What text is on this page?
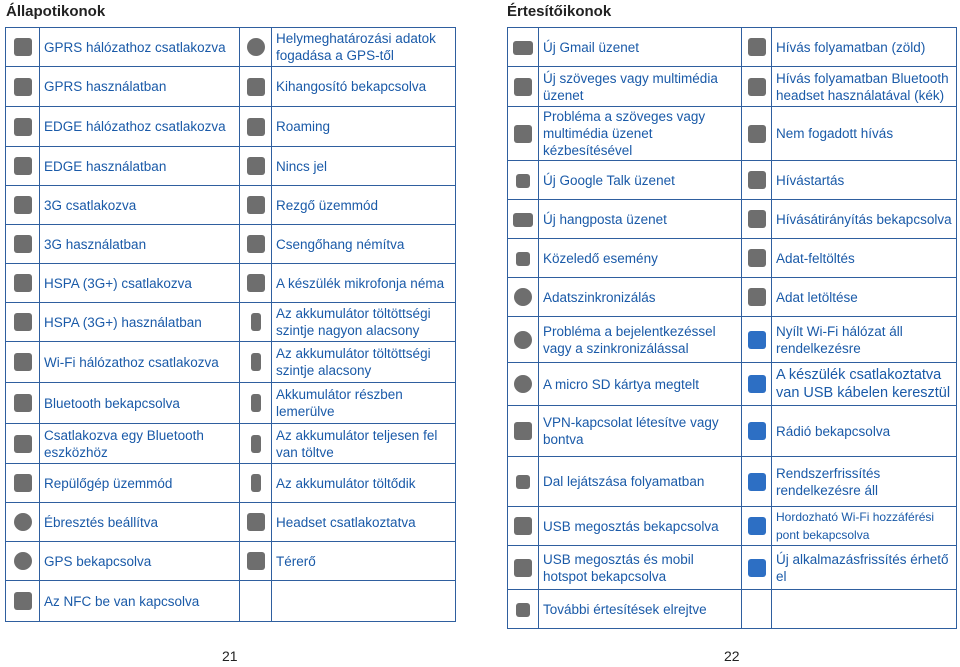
Állapotikonok	Értesítőikonok
	GPRS hálózathoz csatlakozva		Helymeghatározási adatok fogadása a GPS-től
	GPRS használatban		Kihangosító bekapcsolva
	EDGE hálózathoz csatlakozva		Roaming
	EDGE használatban		Nincs jel
	3G csatlakozva		Rezgő üzemmód
	3G használatban		Csengőhang némítva
	HSPA (3G+) csatlakozva		A készülék mikrofonja néma
	HSPA (3G+) használatban		Az akkumulátor töltöttségi szintje nagyon alacsony
	Wi-Fi hálózathoz csatlakozva		Az akkumulátor töltöttségi szintje alacsony
	Bluetooth bekapcsolva		Akkumulátor részben lemerülve
	Csatlakozva egy Bluetooth eszközhöz		Az akkumulátor teljesen fel van töltve
	Repülőgép üzemmód		Az akkumulátor töltődik
	Ébresztés beállítva		Headset csatlakoztatva
	GPS bekapcsolva		Térerő
	Az NFC be van kapcsolva		
	Új Gmail üzenet		Hívás folyamatban (zöld)
	Új szöveges vagy multimédia üzenet		Hívás folyamatban Bluetooth headset használatával (kék)
	Probléma a szöveges vagy multimédia üzenet kézbesítésével		Nem fogadott hívás
	Új Google Talk üzenet		Hívástartás
	Új hangposta üzenet		Hívásátirányítás bekapcsolva
	Közeledő esemény		Adat-feltöltés
	Adatszinkronizálás		Adat letöltése
	Probléma a bejelentkezéssel vagy a szinkronizálással		Nyílt Wi-Fi hálózat áll rendelkezésre
	A micro SD kártya megtelt		A készülék csatlakoztatva van USB kábelen keresztül
	VPN-kapcsolat létesítve vagy bontva		Rádió bekapcsolva
	Dal lejátszása folyamatban		Rendszerfrissítés rendelkezésre áll
	USB megosztás bekapcsolva		Hordozható Wi-Fi hozzáférési pont bekapcsolva
	USB megosztás és mobil hotspot bekapcsolva		Új alkalmazásfrissítés érhető el
	További értesítések elrejtve		
21	22
